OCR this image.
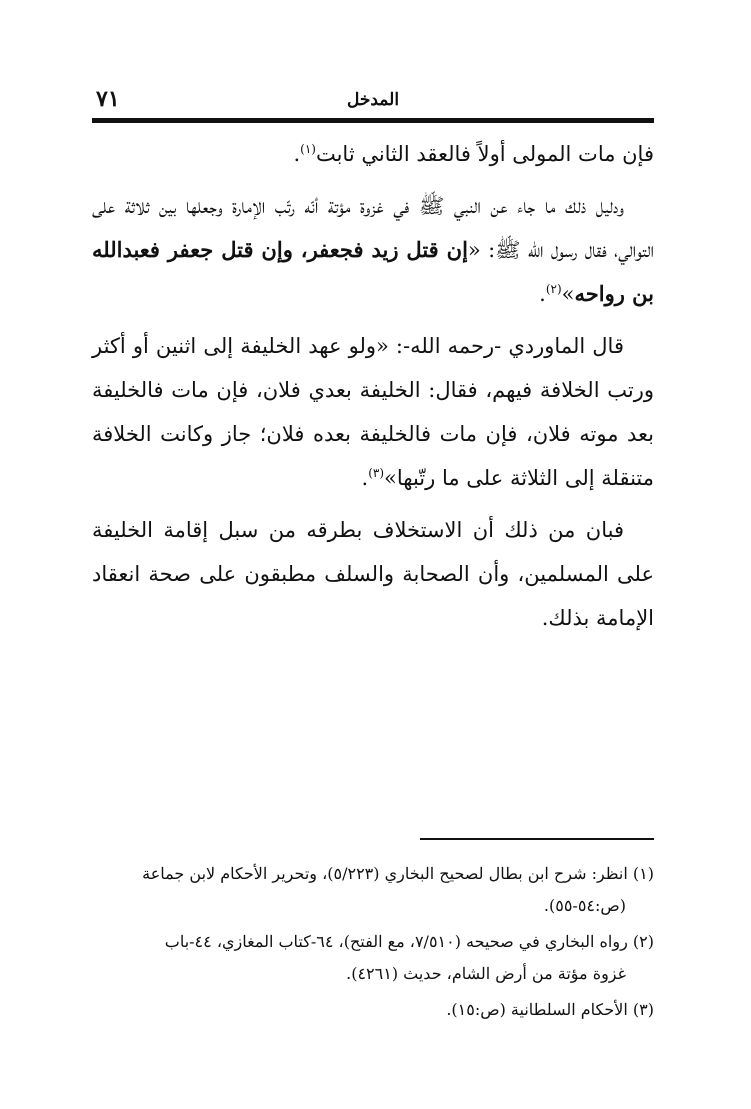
٧١	المدخل

فإن مات المولى أولاً فالعقد الثاني ثابت$^{(١)}$.

ودليل ذلك ما جاء عن النبي ﷺ في غزوة مؤتة أنّه رتّب الإمارة وجعلها بين ثلاثة على التوالي، فقال رسول الله ﷺ: «إن قتل زيد فجعفر، وإن قتل جعفر فعبدالله بن رواحه»$^{(٢)}$.

قال الماوردي -رحمه الله-: «ولو عهد الخليفة إلى اثنين أو أكثر ورتب الخلافة فيهم، فقال: الخليفة بعدي فلان، فإن مات فالخليفة بعد موته فلان، فإن مات فالخليفة بعده فلان؛ جاز وكانت الخلافة متنقلة إلى الثلاثة على ما رتّبها»$^{(٣)}$.

فبان من ذلك أن الاستخلاف بطرقه من سبل إقامة الخليفة على المسلمين، وأن الصحابة والسلف مطبقون على صحة انعقاد الإمامة بذلك.

(١) انظر: شرح ابن بطال لصحيح البخاري (٥/٢٢٣)، وتحرير الأحكام لابن جماعة
(ص:٥٤-٥٥).

(٢) رواه البخاري في صحيحه (٧/٥١٠، مع الفتح)، ٦٤-كتاب المغازي، ٤٤-باب
غزوة مؤتة من أرض الشام، حديث (٤٢٦١).

(٣) الأحكام السلطانية (ص:١٥).
